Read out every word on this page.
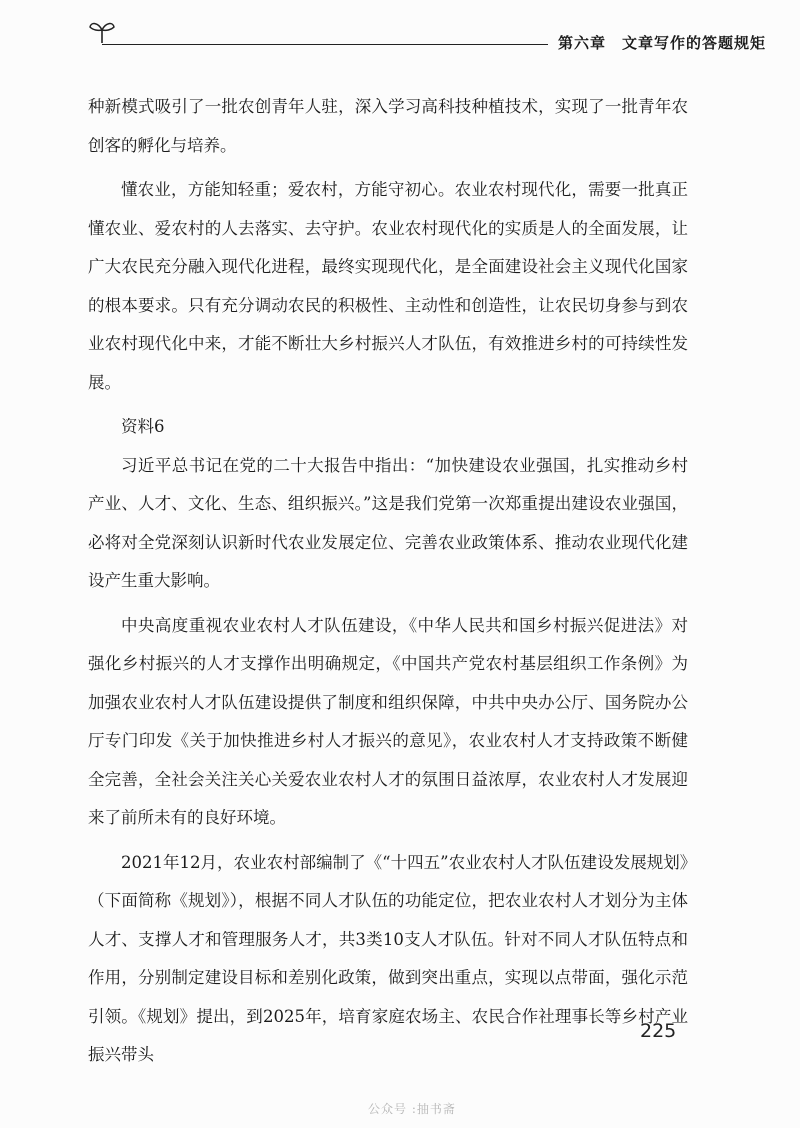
第六章 文章写作的答题规矩

种新模式吸引了一批农创青年人驻，深入学习高科技种植技术，实现了一批青年农创客的孵化与培养。

懂农业，方能知轻重；爱农村，方能守初心。农业农村现代化，需要一批真正懂农业、爱农村的人去落实、去守护。农业农村现代化的实质是人的全面发展，让广大农民充分融入现代化进程，最终实现现代化，是全面建设社会主义现代化国家的根本要求。只有充分调动农民的积极性、主动性和创造性，让农民切身参与到农业农村现代化中来，才能不断壮大乡村振兴人才队伍，有效推进乡村的可持续性发展。

资料6

习近平总书记在党的二十大报告中指出：“加快建设农业强国，扎实推动乡村产业、人才、文化、生态、组织振兴。”这是我们党第一次郑重提出建设农业强国，必将对全党深刻认识新时代农业发展定位、完善农业政策体系、推动农业现代化建设产生重大影响。

中央高度重视农业农村人才队伍建设，《中华人民共和国乡村振兴促进法》对强化乡村振兴的人才支撑作出明确规定，《中国共产党农村基层组织工作条例》为加强农业农村人才队伍建设提供了制度和组织保障，中共中央办公厅、国务院办公厅专门印发《关于加快推进乡村人才振兴的意见》，农业农村人才支持政策不断健全完善，全社会关注关心关爱农业农村人才的氛围日益浓厚，农业农村人才发展迎来了前所未有的良好环境。

2021年12月，农业农村部编制了《“十四五”农业农村人才队伍建设发展规划》（下面简称《规划》），根据不同人才队伍的功能定位，把农业农村人才划分为主体人才、支撑人才和管理服务人才，共3类10支人才队伍。针对不同人才队伍特点和作用，分别制定建设目标和差别化政策，做到突出重点，实现以点带面，强化示范引领。《规划》提出，到2025年，培育家庭农场主、农民合作社理事长等乡村产业振兴带头

225
公众号 :抽书斋
